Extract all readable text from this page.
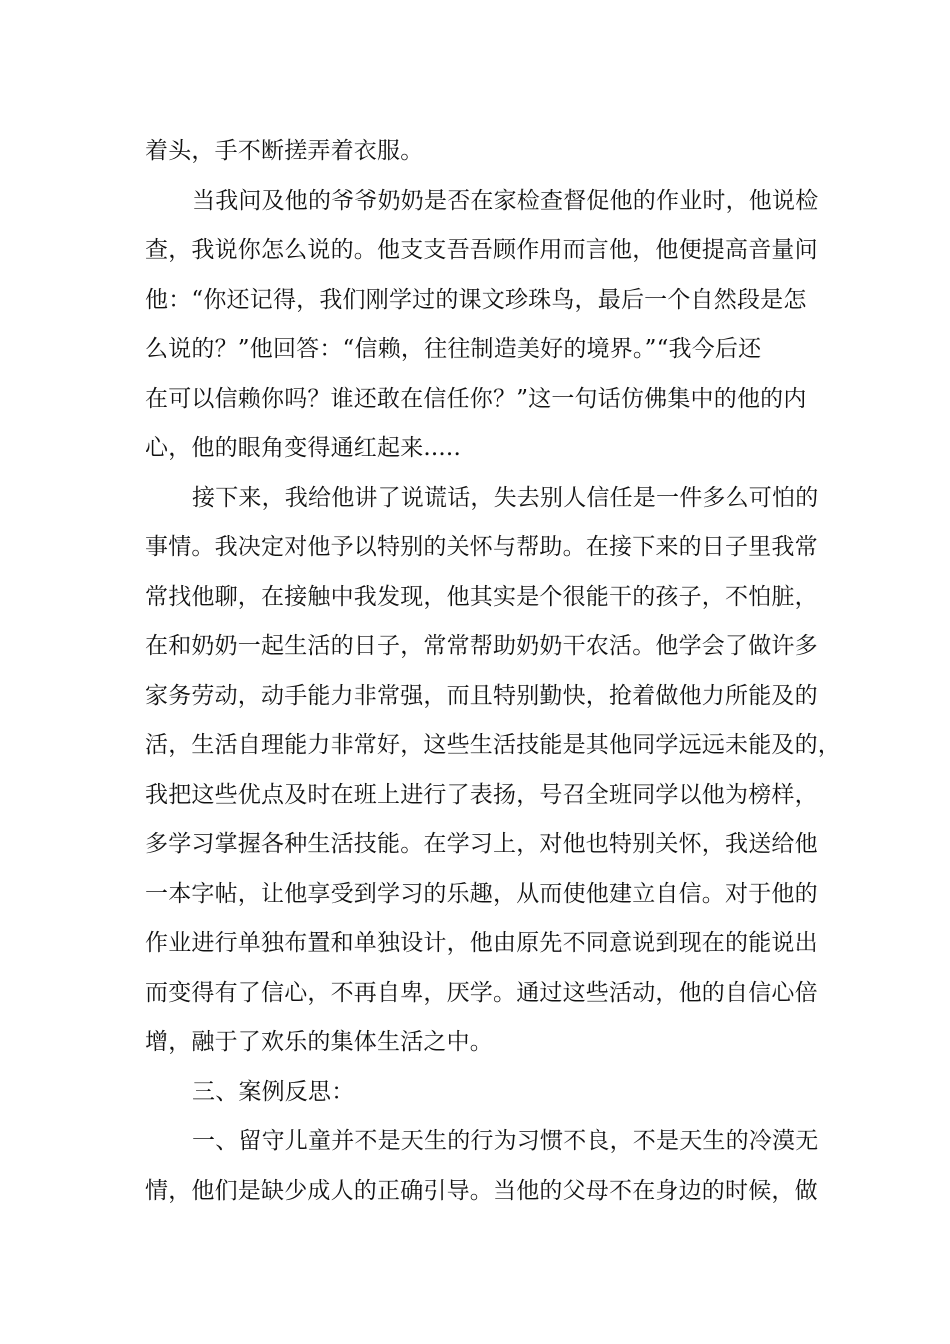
着头，手不断搓弄着衣服。
当我问及他的爷爷奶奶是否在家检查督促他的作业时，他说检
查，我说你怎么说的。他支支吾吾顾作用而言他，他便提高音量问
他：“你还记得，我们刚学过的课文珍珠鸟，最后一个自然段是怎
么说的？”他回答：“信赖，往往制造美好的境界。”“我今后还
在可以信赖你吗？谁还敢在信任你？”这一句话仿佛集中的他的内
心，他的眼角变得通红起来.....
接下来，我给他讲了说谎话，失去别人信任是一件多么可怕的
事情。我决定对他予以特别的关怀与帮助。在接下来的日子里我常
常找他聊，在接触中我发现，他其实是个很能干的孩子，不怕脏，
在和奶奶一起生活的日子，常常帮助奶奶干农活。他学会了做许多
家务劳动，动手能力非常强，而且特别勤快，抢着做他力所能及的
活，生活自理能力非常好，这些生活技能是其他同学远远未能及的，
我把这些优点及时在班上进行了表扬，号召全班同学以他为榜样，
多学习掌握各种生活技能。在学习上，对他也特别关怀，我送给他
一本字帖，让他享受到学习的乐趣，从而使他建立自信。对于他的
作业进行单独布置和单独设计，他由原先不同意说到现在的能说出
而变得有了信心，不再自卑，厌学。通过这些活动，他的自信心倍
增，融于了欢乐的集体生活之中。
三、案例反思：
一、留守儿童并不是天生的行为习惯不良，不是天生的冷漠无
情，他们是缺少成人的正确引导。当他的父母不在身边的时候，做
